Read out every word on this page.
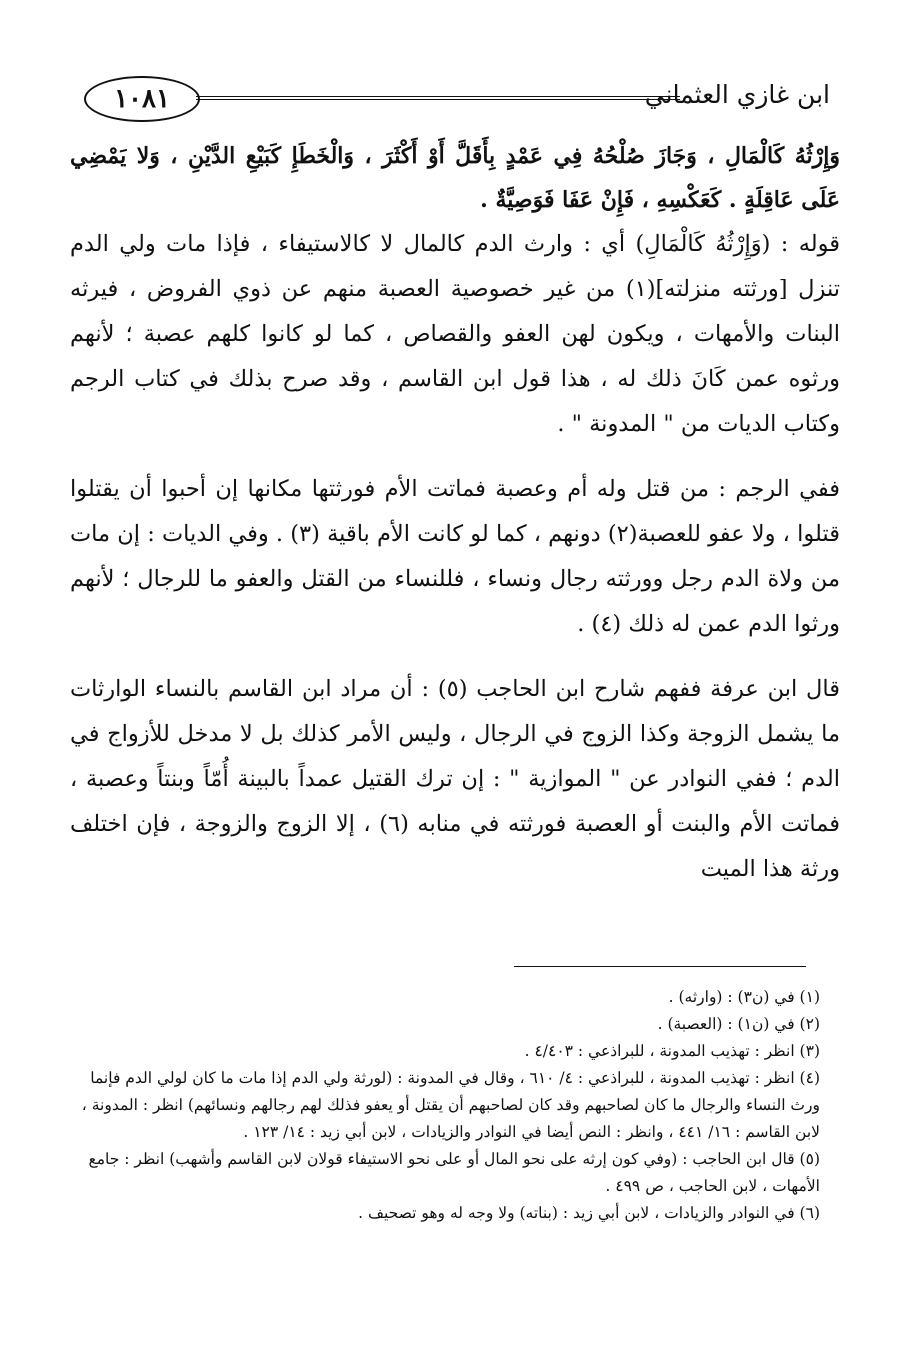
١٠٨١	ابن غازي العثماني

وَإِرْثُهُ كَالْمَالِ ، وَجَازَ صُلْحُهُ فِي عَمْدٍ بِأَقَلَّ أَوْ أَكْثَرَ ، وَالْخَطَإِ كَبَيْعِ الدَّيْنِ ، وَلا يَمْضِي عَلَى عَاقِلَةٍ . كَعَكْسِهِ ، فَإِنْ عَفَا فَوَصِيَّةٌ .

قوله : (وَإِرْثُهُ كَالْمَالِ) أي : وارث الدم كالمال لا كالاستيفاء ، فإذا مات ولي الدم تنزل [ورثته منزلته](١) من غير خصوصية العصبة منهم عن ذوي الفروض ، فيرثه البنات والأمهات ، ويكون لهن العفو والقصاص ، كما لو كانوا كلهم عصبة ؛ لأنهم ورثوه عمن كَانَ ذلك له ، هذا قول ابن القاسم ، وقد صرح بذلك في كتاب الرجم وكتاب الديات من " المدونة " .

ففي الرجم : من قتل وله أم وعصبة فماتت الأم فورثتها مكانها إن أحبوا أن يقتلوا قتلوا ، ولا عفو للعصبة(٢) دونهم ، كما لو كانت الأم باقية (٣) . وفي الديات : إن مات من ولاة الدم رجل وورثته رجال ونساء ، فللنساء من القتل والعفو ما للرجال ؛ لأنهم ورثوا الدم عمن له ذلك (٤) .

قال ابن عرفة ففهم شارح ابن الحاجب (٥) : أن مراد ابن القاسم بالنساء الوارثات ما يشمل الزوجة وكذا الزوج في الرجال ، وليس الأمر كذلك بل لا مدخل للأزواج في الدم ؛ ففي النوادر عن " الموازية " : إن ترك القتيل عمداً بالبينة أُمّاً وبنتاً وعصبة ، فماتت الأم والبنت أو العصبة فورثته في منابه (٦) ، إلا الزوج والزوجة ، فإن اختلف ورثة هذا الميت

(١) في (ن٣) : (وارثه) .

(٢) في (ن١) : (العصبة) .

(٣) انظر : تهذيب المدونة ، للبراذعي : ٤/٤٠٣ .

(٤) انظر : تهذيب المدونة ، للبراذعي : ٤/ ٦١٠ ، وقال في المدونة : (لورثة ولي الدم إذا مات ما كان لولي الدم فإنما ورث النساء والرجال ما كان لصاحبهم وقد كان لصاحبهم أن يقتل أو يعفو فذلك لهم رجالهم ونسائهم) انظر : المدونة ، لابن القاسم : ١٦/ ٤٤١ ، وانظر : النص أيضا في النوادر والزيادات ، لابن أبي زيد : ١٤/ ١٢٣ .

(٥) قال ابن الحاجب : (وفي كون إرثه على نحو المال أو على نحو الاستيفاء قولان لابن القاسم وأشهب) انظر : جامع الأمهات ، لابن الحاجب ، ص ٤٩٩ .

(٦) في النوادر والزيادات ، لابن أبي زيد : (بناته) ولا وجه له وهو تصحيف .
